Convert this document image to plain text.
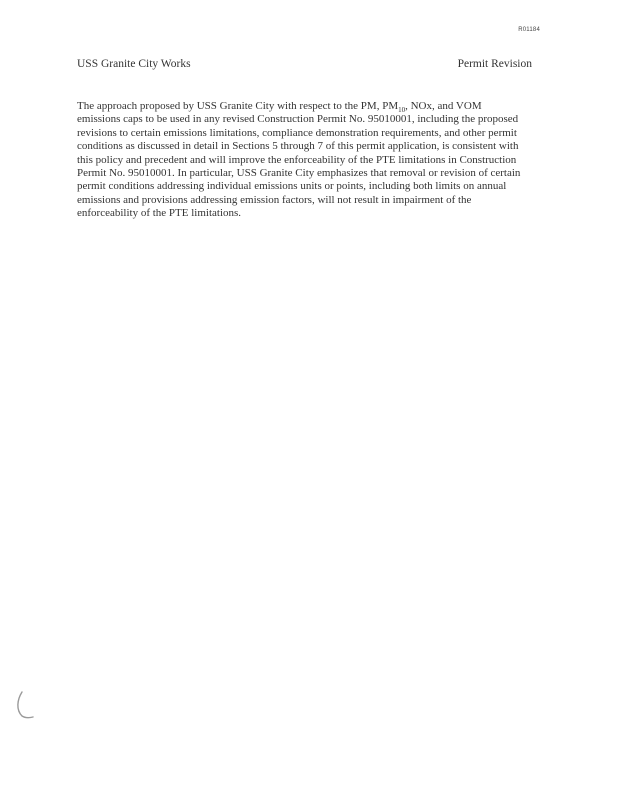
R01184
USS Granite City Works	Permit Revision

The approach proposed by USS Granite City with respect to the PM, $PM_{10}$, NOx, and VOM emissions caps to be used in any revised Construction Permit No. 95010001, including the proposed revisions to certain emissions limitations, compliance demonstration requirements, and other permit conditions as discussed in detail in Sections 5 through 7 of this permit application, is consistent with this policy and precedent and will improve the enforceability of the PTE limitations in Construction Permit No. 95010001. In particular, USS Granite City emphasizes that removal or revision of certain permit conditions addressing individual emissions units or points, including both limits on annual emissions and provisions addressing emission factors, will not result in impairment of the enforceability of the PTE limitations.
